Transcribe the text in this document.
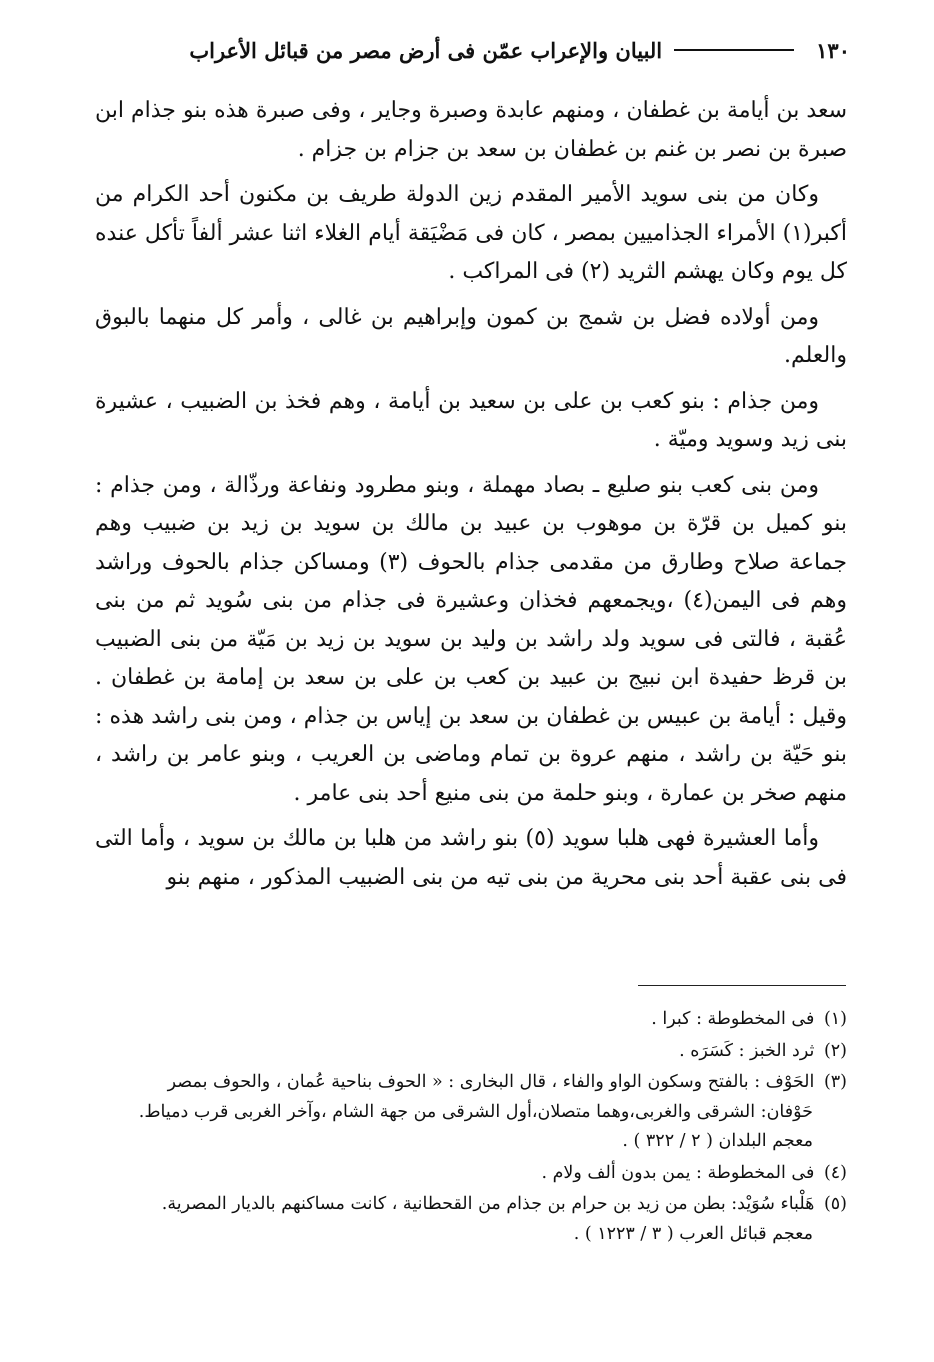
١٣٠
البيان والإعراب عمّن فى أرض مصر من قبائل الأعراب

سعد بن أيامة بن غطفان ، ومنهم عابدة وصبرة وجاير ، وفى صبرة هذه بنو جذام ابن صبرة بن نصر بن غنم بن غطفان بن سعد بن جزام بن جزام .

وكان من بنى سويد الأمير المقدم زين الدولة طريف بن مكنون أحد الكرام من أكبر(١) الأمراء الجذاميين بمصر ، كان فى مَضْيَقة أيام الغلاء اثنا عشر ألفاً تأكل عنده كل يوم وكان يهشم الثريد (٢) فى المراكب .

ومن أولاده فضل بن شمج بن كمون وإبراهيم بن غالى ، وأمر كل منهما بالبوق والعلم.

ومن جذام : بنو كعب بن على بن سعيد بن أيامة ، وهم فخذ بن الضبيب ، عشيرة بنى زيد وسويد وميّة .

ومن بنى كعب بنو صليع ـ بصاد مهملة ، وبنو مطرود ونفاعة ورذّالة ، ومن جذام : بنو كميل بن قرّة بن موهوب بن عبيد بن مالك بن سويد بن زيد بن ضبيب وهم جماعة صلاح وطارق من مقدمى جذام بالحوف (٣) ومساكن جذام بالحوف وراشد وهم فى اليمن(٤) ،ويجمعهم فخذان وعشيرة فى جذام من بنى سُويد ثم من بنى عُقبة ، فالتى فى سويد ولد راشد بن وليد بن سويد بن زيد بن مَيّة من بنى الضبيب بن قرظ حفيدة ابن نبيج بن عبيد بن كعب بن على بن سعد بن إمامة بن غطفان . وقيل : أيامة بن عبيس بن غطفان بن سعد بن إياس بن جذام ، ومن بنى راشد هذه : بنو حَيّة بن راشد ، منهم عروة بن تمام وماضى بن العريب ، وبنو عامر بن راشد ، منهم صخر بن عمارة ، وبنو حلمة من بنى منيع أحد بنى عامر .

وأما العشيرة فهى هلبا سويد (٥) بنو راشد من هلبا بن مالك بن سويد ، وأما التى فى بنى عقبة أحد بنى محرية من بنى تيه من بنى الضبيب المذكور ، منهم بنو

(١) فى المخطوطة : كبرا .
(٢) ثرد الخبز : كَسَرَه .
(٣) الحَوْف : بالفتح وسكون الواو والفاء ، قال البخارى : « الحوف بناحية عُمان ، والحوف بمصر
حَوْفان: الشرقى والغربى،وهما متصلان،أول الشرقى من جهة الشام ،وآخر الغربى قرب دمياط. معجم البلدان ( ٢ / ٣٢٢ ) .
(٤) فى المخطوطة : يمن بدون ألف ولام .
(٥) هَلْباء سُوَيْد: بطن من زيد بن حرام بن جذام من القحطانية ، كانت مساكنهم بالديار المصرية.
معجم قبائل العرب ( ٣ / ١٢٢٣ ) .
